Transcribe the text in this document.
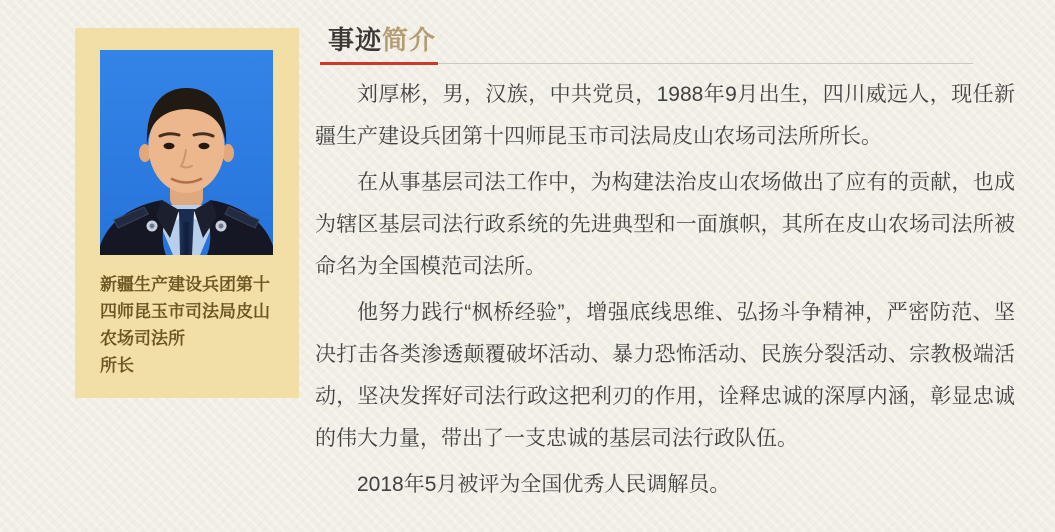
新疆生产建设兵团第十四师昆玉市司法局皮山农场司法所
所长
事迹简介

刘厚彬，男，汉族，中共党员，1988年9月出生，四川威远人，现任新疆生产建设兵团第十四师昆玉市司法局皮山农场司法所所长。

在从事基层司法工作中，为构建法治皮山农场做出了应有的贡献，也成为辖区基层司法行政系统的先进典型和一面旗帜，其所在皮山农场司法所被命名为全国模范司法所。

他努力践行“枫桥经验”，增强底线思维、弘扬斗争精神，严密防范、坚决打击各类渗透颠覆破坏活动、暴力恐怖活动、民族分裂活动、宗教极端活动，坚决发挥好司法行政这把利刃的作用，诠释忠诚的深厚内涵，彰显忠诚的伟大力量，带出了一支忠诚的基层司法行政队伍。

2018年5月被评为全国优秀人民调解员。
